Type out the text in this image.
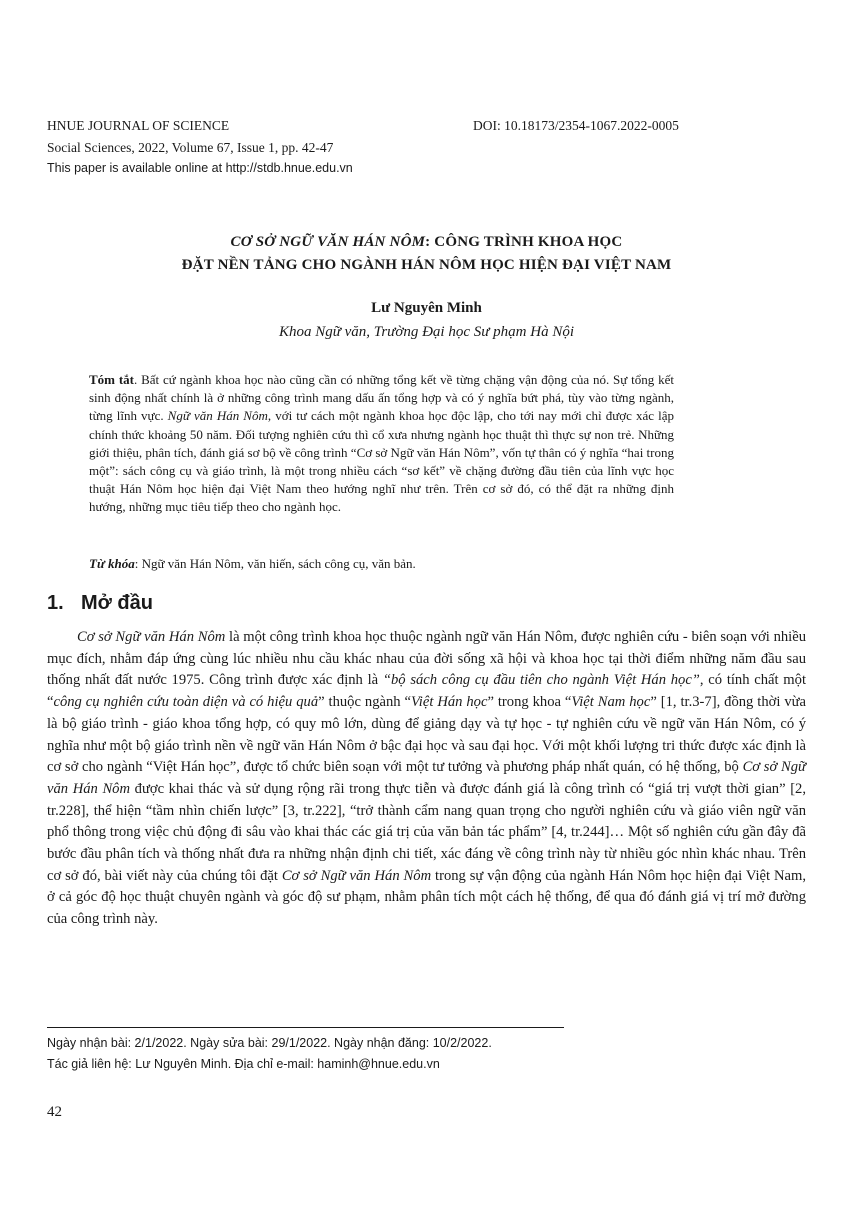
HNUE JOURNAL OF SCIENCE	DOI: 10.18173/2354-1067.2022-0005
Social Sciences, 2022, Volume 67, Issue 1, pp. 42-47
This paper is available online at http://stdb.hnue.edu.vn
CƠ SỞ NGỮ VĂN HÁN NÔM: CÔNG TRÌNH KHOA HỌC
ĐẶT NỀN TẢNG CHO NGÀNH HÁN NÔM HỌC HIỆN ĐẠI VIỆT NAM
Lư Nguyên Minh
Khoa Ngữ văn, Trường Đại học Sư phạm Hà Nội

Tóm tắt. Bất cứ ngành khoa học nào cũng cần có những tổng kết về từng chặng vận động của nó. Sự tổng kết sinh động nhất chính là ở những công trình mang dấu ấn tổng hợp và có ý nghĩa bứt phá, tùy vào từng ngành, từng lĩnh vực. Ngữ văn Hán Nôm, với tư cách một ngành khoa học độc lập, cho tới nay mới chỉ được xác lập chính thức khoảng 50 năm. Đối tượng nghiên cứu thì cổ xưa nhưng ngành học thuật thì thực sự non trẻ. Những giới thiệu, phân tích, đánh giá sơ bộ về công trình “Cơ sở Ngữ văn Hán Nôm”, vốn tự thân có ý nghĩa “hai trong một”: sách công cụ và giáo trình, là một trong nhiều cách “sơ kết” về chặng đường đầu tiên của lĩnh vực học thuật Hán Nôm học hiện đại Việt Nam theo hướng nghĩ như trên. Trên cơ sở đó, có thể đặt ra những định hướng, những mục tiêu tiếp theo cho ngành học.

Từ khóa: Ngữ văn Hán Nôm, văn hiến, sách công cụ, văn bản.

1. Mở đầu

Cơ sở Ngữ văn Hán Nôm là một công trình khoa học thuộc ngành ngữ văn Hán Nôm, được nghiên cứu - biên soạn với nhiều mục đích, nhằm đáp ứng cùng lúc nhiều nhu cầu khác nhau của đời sống xã hội và khoa học tại thời điểm những năm đầu sau thống nhất đất nước 1975. Công trình được xác định là “bộ sách công cụ đầu tiên cho ngành Việt Hán học”, có tính chất một “công cụ nghiên cứu toàn diện và có hiệu quả” thuộc ngành “Việt Hán học” trong khoa “Việt Nam học” [1, tr.3-7], đồng thời vừa là bộ giáo trình - giáo khoa tổng hợp, có quy mô lớn, dùng để giảng dạy và tự học - tự nghiên cứu về ngữ văn Hán Nôm, có ý nghĩa như một bộ giáo trình nền về ngữ văn Hán Nôm ở bậc đại học và sau đại học. Với một khối lượng tri thức được xác định là cơ sở cho ngành “Việt Hán học”, được tổ chức biên soạn với một tư tưởng và phương pháp nhất quán, có hệ thống, bộ Cơ sở Ngữ văn Hán Nôm được khai thác và sử dụng rộng rãi trong thực tiễn và được đánh giá là công trình có “giá trị vượt thời gian” [2, tr.228], thể hiện “tầm nhìn chiến lược” [3, tr.222], “trở thành cẩm nang quan trọng cho người nghiên cứu và giáo viên ngữ văn phổ thông trong việc chủ động đi sâu vào khai thác các giá trị của văn bản tác phẩm” [4, tr.244]… Một số nghiên cứu gần đây đã bước đầu phân tích và thống nhất đưa ra những nhận định chi tiết, xác đáng về công trình này từ nhiều góc nhìn khác nhau. Trên cơ sở đó, bài viết này của chúng tôi đặt Cơ sở Ngữ văn Hán Nôm trong sự vận động của ngành Hán Nôm học hiện đại Việt Nam, ở cả góc độ học thuật chuyên ngành và góc độ sư phạm, nhằm phân tích một cách hệ thống, để qua đó đánh giá vị trí mở đường của công trình này.

Ngày nhận bài: 2/1/2022. Ngày sửa bài: 29/1/2022. Ngày nhận đăng: 10/2/2022.
Tác giả liên hệ: Lư Nguyên Minh. Địa chỉ e-mail: haminh@hnue.edu.vn
42
